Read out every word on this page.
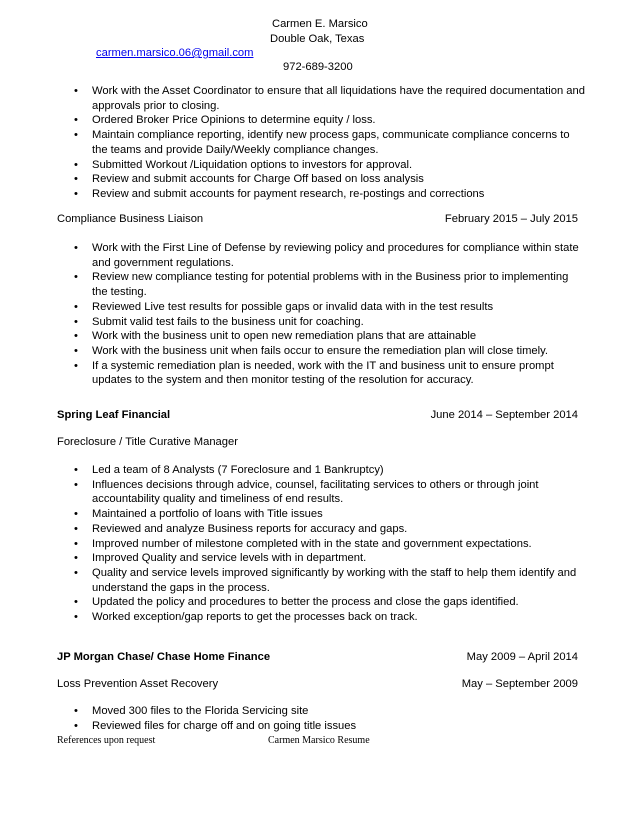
Carmen E. Marsico
Double Oak, Texas
carmen.marsico.06@gmail.com
972-689-3200
• Work with the Asset Coordinator to ensure that all liquidations have the required documentation and approvals prior to closing.
• Ordered Broker Price Opinions to determine equity / loss.
• Maintain compliance reporting, identify new process gaps, communicate compliance concerns to the teams and provide Daily/Weekly compliance changes.
• Submitted Workout /Liquidation options to investors for approval.
• Review and submit accounts for Charge Off based on loss analysis
• Review and submit accounts for payment research, re-postings and corrections
Compliance Business Liaison	February 2015 – July 2015
• Work with the First Line of Defense by reviewing policy and procedures for compliance within state and government regulations.
• Review new compliance testing for potential problems with in the Business prior to implementing the testing.
• Reviewed Live test results for possible gaps or invalid data with in the test results
• Submit valid test fails to the business unit for coaching.
• Work with the business unit to open new remediation plans that are attainable
• Work with the business unit when fails occur to ensure the remediation plan will close timely.
• If a systemic remediation plan is needed, work with the IT and business unit to ensure prompt updates to the system and then monitor testing of the resolution for accuracy.
Spring Leaf Financial	June 2014 – September 2014
Foreclosure / Title Curative Manager
• Led a team of 8 Analysts (7 Foreclosure and 1 Bankruptcy)
• Influences decisions through advice, counsel, facilitating services to others or through joint accountability quality and timeliness of end results.
• Maintained a portfolio of loans with Title issues
• Reviewed and analyze Business reports for accuracy and gaps.
• Improved number of milestone completed with in the state and government expectations.
• Improved Quality and service levels with in department.
• Quality and service levels improved significantly by working with the staff to help them identify and understand the gaps in the process.
• Updated the policy and procedures to better the process and close the gaps identified.
• Worked exception/gap reports to get the processes back on track.
JP Morgan Chase/ Chase Home Finance	May 2009 – April 2014
Loss Prevention Asset Recovery	May – September 2009
• Moved 300 files to the Florida Servicing site
• Reviewed files for charge off and on going title issues
References upon request	Carmen Marsico Resume
